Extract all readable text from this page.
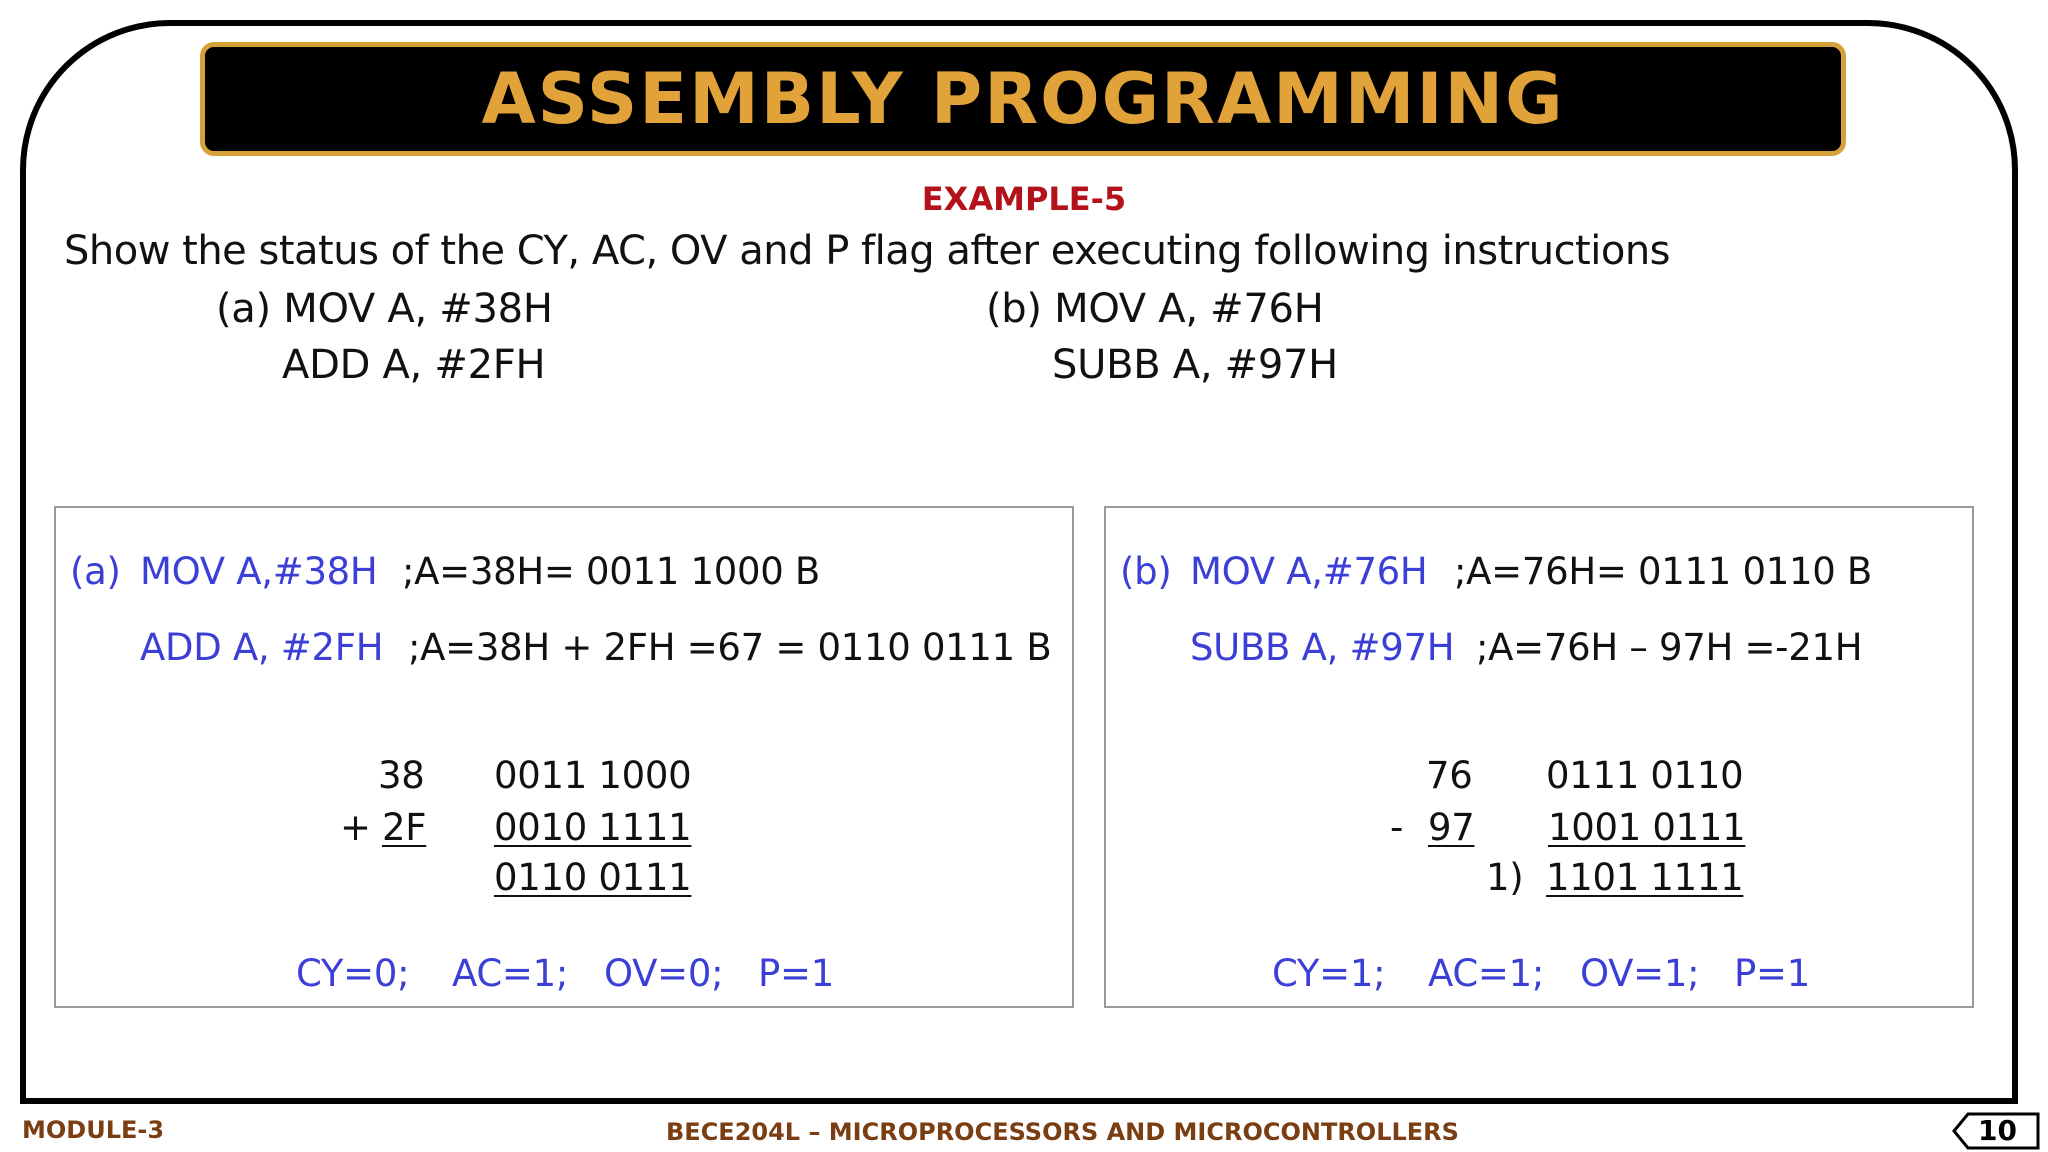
ASSEMBLY PROGRAMMING
EXAMPLE-5
Show the status of the CY, AC, OV and P flag after executing following instructions
(a) MOV A, #38H
ADD A, #2FH
(b) MOV A, #76H
SUBB A, #97H
(a) MOV A,#38H ;A=38H= 0011 1000 B
ADD A, #2FH ;A=38H + 2FH =67 = 0110 0111 B
38 0011 1000
+ 2F 0010 1111
0110 0111
CY=0; AC=1; OV=0; P=1
(b) MOV A,#76H ;A=76H= 0111 0110 B
SUBB A, #97H ;A=76H – 97H =-21H
76 0111 0110
- 97 1001 0111
1) 1101 1111
CY=1; AC=1; OV=1; P=1
MODULE-3	BECE204L – MICROPROCESSORS AND MICROCONTROLLERS	10
